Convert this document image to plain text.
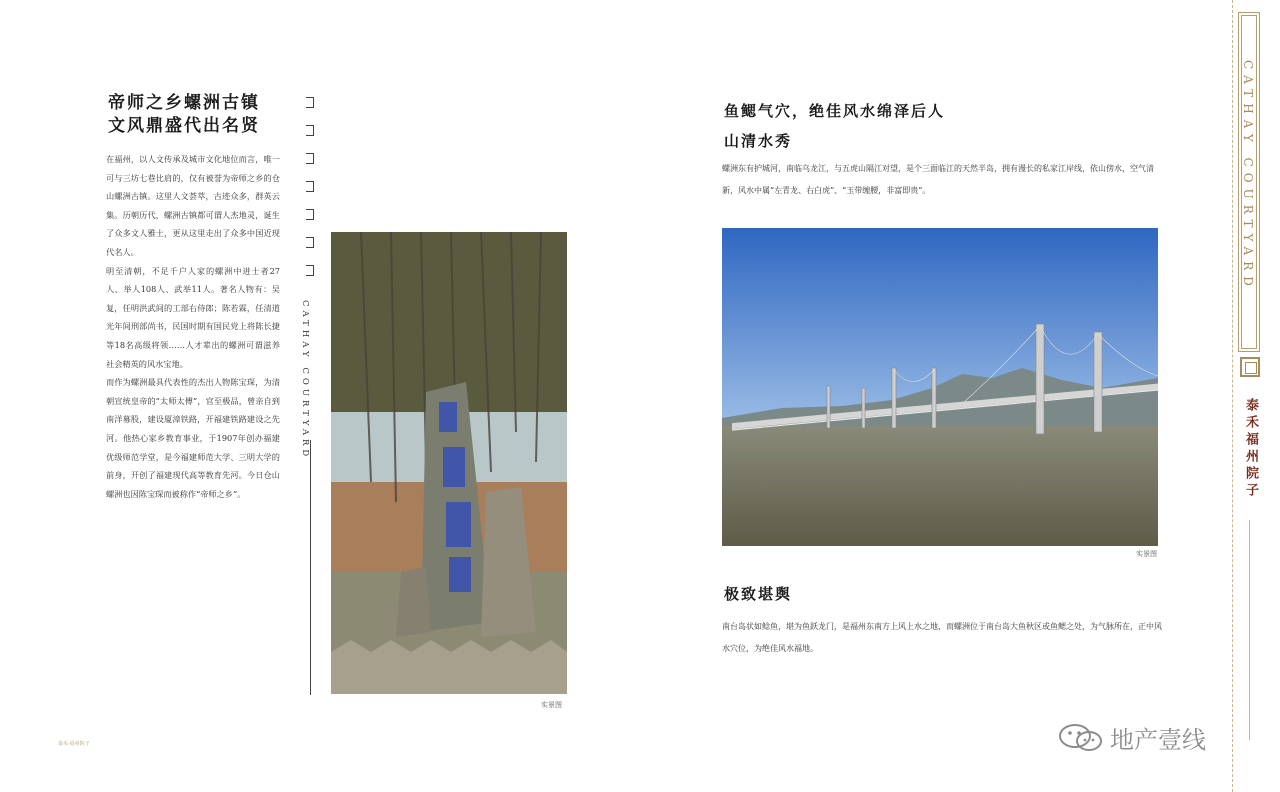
帝师之乡螺洲古镇
文风鼎盛代出名贤

在福州，以人文传承及城市文化地位而言，唯一可与三坊七巷比肩的，仅有被誉为帝师之乡的仓山螺洲古镇。这里人文荟萃，古迹众多，群英云集。历朝历代，螺洲古镇都可谓人杰地灵，诞生了众多文人雅士，更从这里走出了众多中国近现代名人。

明至清朝，不足千户人家的螺洲中进士者27人、举人108人、武举11人。著名人物有：吴复，任明洪武间的工部右侍郎；陈若霖，任清道光年间刑部尚书，民国时期有国民党上将陈长捷等18名高级将领……人才辈出的螺洲可谓滋养社会精英的风水宝地。

而作为螺洲最具代表性的杰出人物陈宝琛，为清朝宣统皇帝的“太师太傅”，官至极品，曾亲自到南洋募股，建设厦漳铁路，开福建铁路建设之先河。他热心家乡教育事业，于1907年创办福建优级师范学堂，是今福建师范大学、三明大学的前身，开创了福建现代高等教育先河。今日仓山螺洲也因陈宝琛而被称作“帝师之乡”。

CATHAY COURTYARD
实景图
泰禾·福州院子
鱼鳃气穴，绝佳风水绵泽后人
山清水秀
螺洲东有护城河，南临乌龙江，与五虎山隔江对望，是个三面临江的天然半岛，拥有漫长的私家江岸线，依山傍水，空气清新，风水中属“左青龙、右白虎”、“玉带缠腰，非富即贵”。
实景图
极致堪舆
南台岛状如鲶鱼，堪为鱼跃龙门，是福州东南方上风上水之地，而螺洲位于南台岛大鱼秋区或鱼鳃之处，为气脉所在，正中风水穴位，为绝佳风水福地。
CATHAY COURTYARD
泰禾福州院子
地产壹线
